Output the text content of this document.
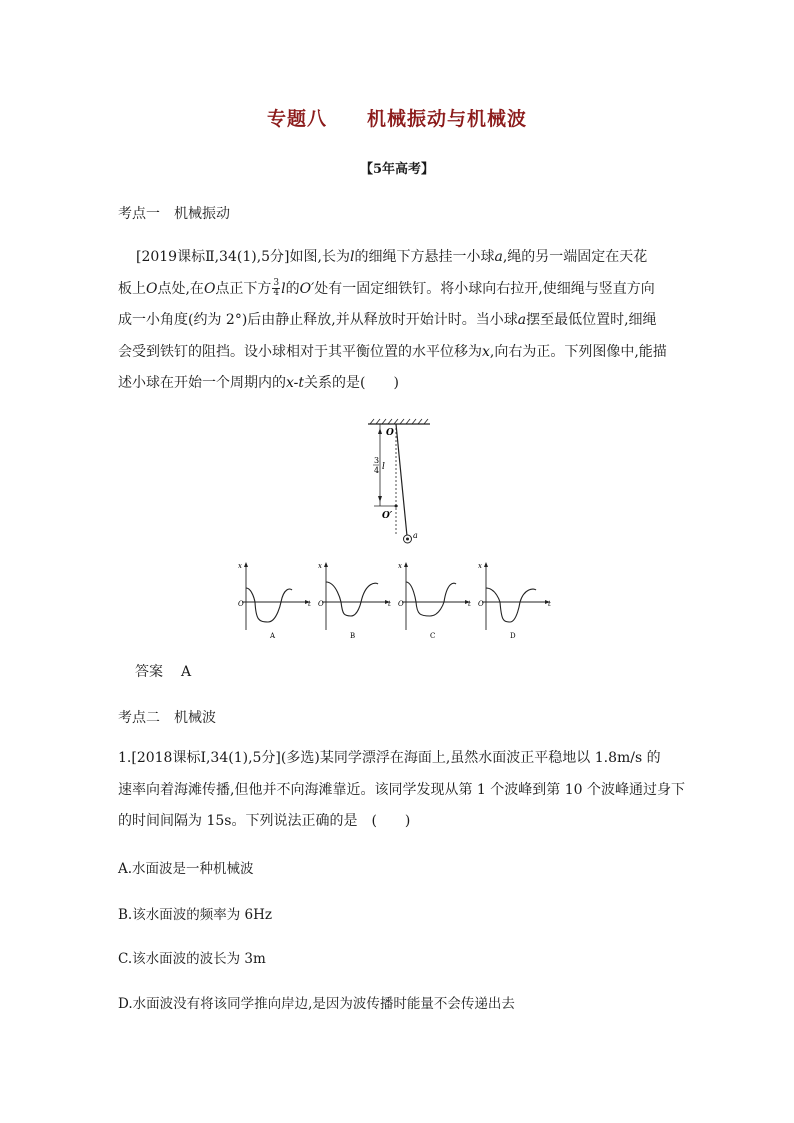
专题八 机械振动与机械波
【5年高考】
考点一　机械振动
[2019课标Ⅱ,34(1),5分]如图,长为l的细绳下方悬挂一小球a,绳的另一端固定在天花
板上O点处,在O点正下方 $\frac{3}{4}$ l的O′处有一固定细铁钉。将小球向右拉开,使细绳与竖直方向
成一小角度(约为 2°)后由静止释放,并从释放时开始计时。当小球a摆至最低位置时,细绳
会受到铁钉的阻挡。设小球相对于其平衡位置的水平位移为x,向右为正。下列图像中,能描
述小球在开始一个周期内的x-t关系的是(　　)
O
3
4 l
O′
a
x
t
O
A
x
t
O
B
x
t
O
C
x
t
O
D
答案 A
考点二　机械波
1.[2018课标Ⅰ,34(1),5分](多选)某同学漂浮在海面上,虽然水面波正平稳地以 1.8m/s 的
速率向着海滩传播,但他并不向海滩靠近。该同学发现从第 1 个波峰到第 10 个波峰通过身下
的时间间隔为 15s。下列说法正确的是　(　　)
A.水面波是一种机械波
B.该水面波的频率为 6Hz
C.该水面波的波长为 3m
D.水面波没有将该同学推向岸边,是因为波传播时能量不会传递出去
